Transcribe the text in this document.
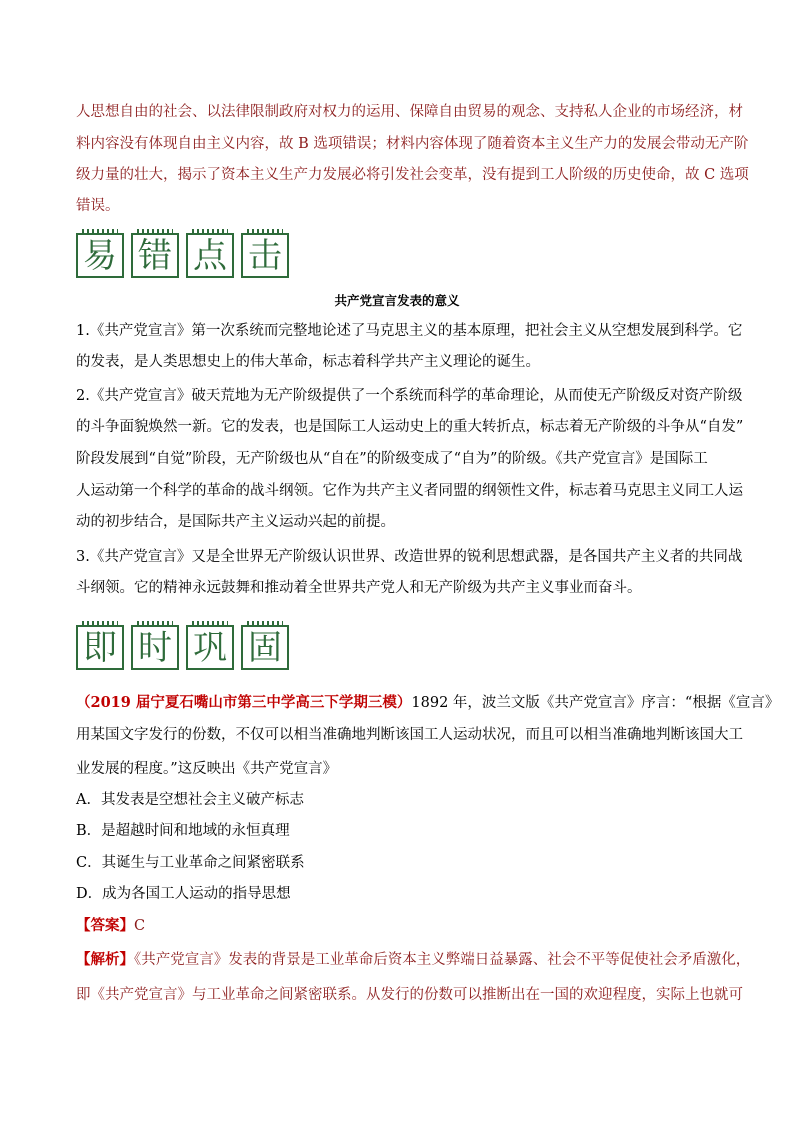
人思想自由的社会、以法律限制政府对权力的运用、保障自由贸易的观念、支持私人企业的市场经济，材
料内容没有体现自由主义内容，故 B 选项错误；材料内容体现了随着资本主义生产力的发展会带动无产阶
级力量的壮大，揭示了资本主义生产力发展必将引发社会变革，没有提到工人阶级的历史使命，故 C 选项
错误。
易 错 点 击
共产党宣言发表的意义
1.《共产党宣言》第一次系统而完整地论述了马克思主义的基本原理，把社会主义从空想发展到科学。它
的发表，是人类思想史上的伟大革命，标志着科学共产主义理论的诞生。
2.《共产党宣言》破天荒地为无产阶级提供了一个系统而科学的革命理论，从而使无产阶级反对资产阶级
的斗争面貌焕然一新。它的发表，也是国际工人运动史上的重大转折点，标志着无产阶级的斗争从“自发”
阶段发展到“自觉”阶段，无产阶级也从“自在”的阶级变成了“自为”的阶级。《共产党宣言》是国际工
人运动第一个科学的革命的战斗纲领。它作为共产主义者同盟的纲领性文件，标志着马克思主义同工人运
动的初步结合，是国际共产主义运动兴起的前提。
3.《共产党宣言》又是全世界无产阶级认识世界、改造世界的锐利思想武器，是各国共产主义者的共同战
斗纲领。它的精神永远鼓舞和推动着全世界共产党人和无产阶级为共产主义事业而奋斗。
即 时 巩 固
（2019 届宁夏石嘴山市第三中学高三下学期三模）1892 年，波兰文版《共产党宣言》序言：“根据《宣言》
用某国文字发行的份数，不仅可以相当准确地判断该国工人运动状况，而且可以相当准确地判断该国大工
业发展的程度。”这反映出《共产党宣言》
A．其发表是空想社会主义破产标志
B．是超越时间和地域的永恒真理
C．其诞生与工业革命之间紧密联系
D．成为各国工人运动的指导思想
【答案】C
【解析】《共产党宣言》发表的背景是工业革命后资本主义弊端日益暴露、社会不平等促使社会矛盾激化，
即《共产党宣言》与工业革命之间紧密联系。从发行的份数可以推断出在一国的欢迎程度，实际上也就可
